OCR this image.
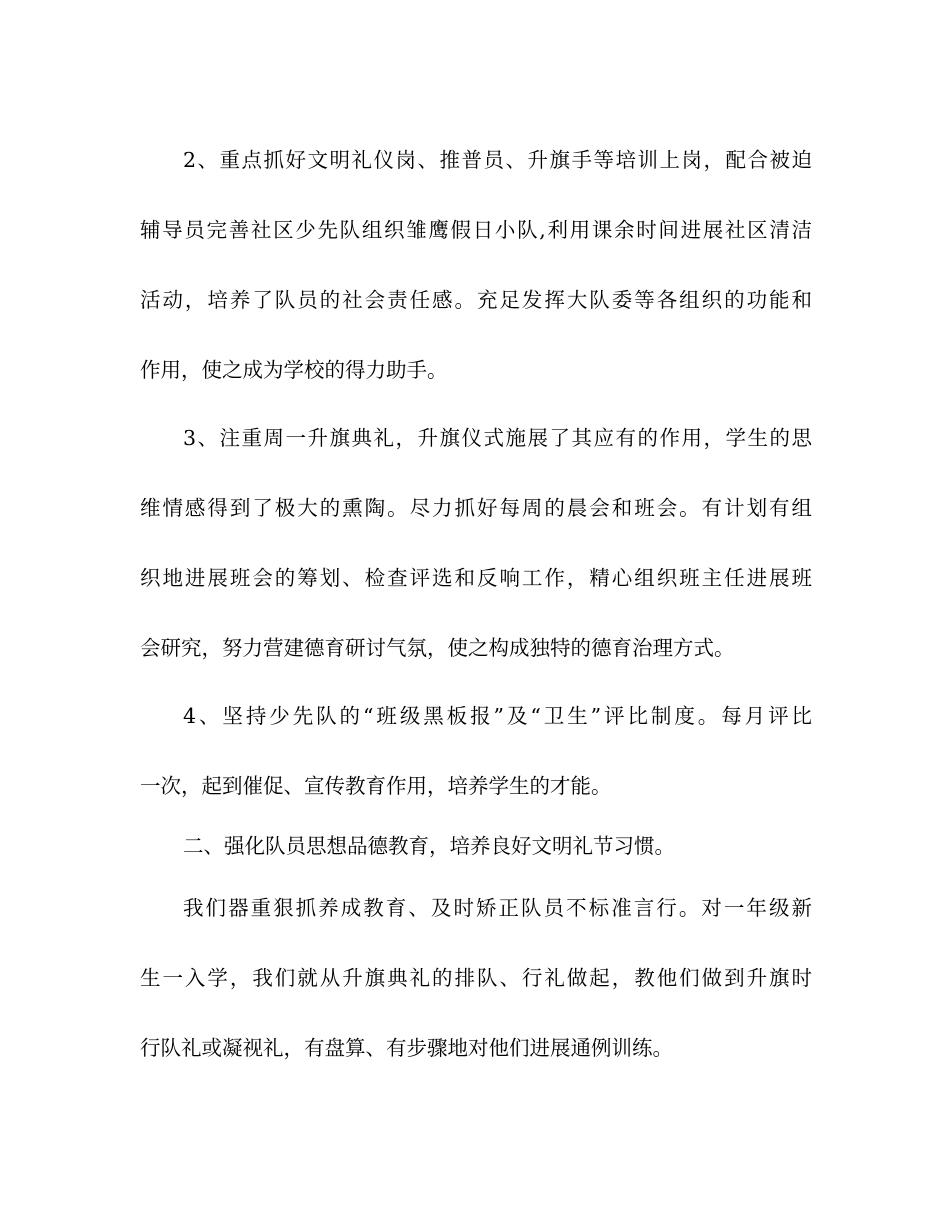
2、重点抓好文明礼仪岗、推普员、升旗手等培训上岗，配合被迫

辅导员完善社区少先队组织雏鹰假日小队,利用课余时间进展社区清洁

活动，培养了队员的社会责任感。充足发挥大队委等各组织的功能和

作用，使之成为学校的得力助手。

3、注重周一升旗典礼，升旗仪式施展了其应有的作用，学生的思

维情感得到了极大的熏陶。尽力抓好每周的晨会和班会。有计划有组

织地进展班会的筹划、检查评选和反响工作，精心组织班主任进展班

会研究，努力营建德育研讨气氛，使之构成独特的德育治理方式。

4、坚持少先队的“班级黑板报”及“卫生”评比制度。每月评比

一次，起到催促、宣传教育作用，培养学生的才能。

二、强化队员思想品德教育，培养良好文明礼节习惯。

我们器重狠抓养成教育、及时矫正队员不标准言行。对一年级新

生一入学，我们就从升旗典礼的排队、行礼做起，教他们做到升旗时

行队礼或凝视礼，有盘算、有步骤地对他们进展通例训练。
